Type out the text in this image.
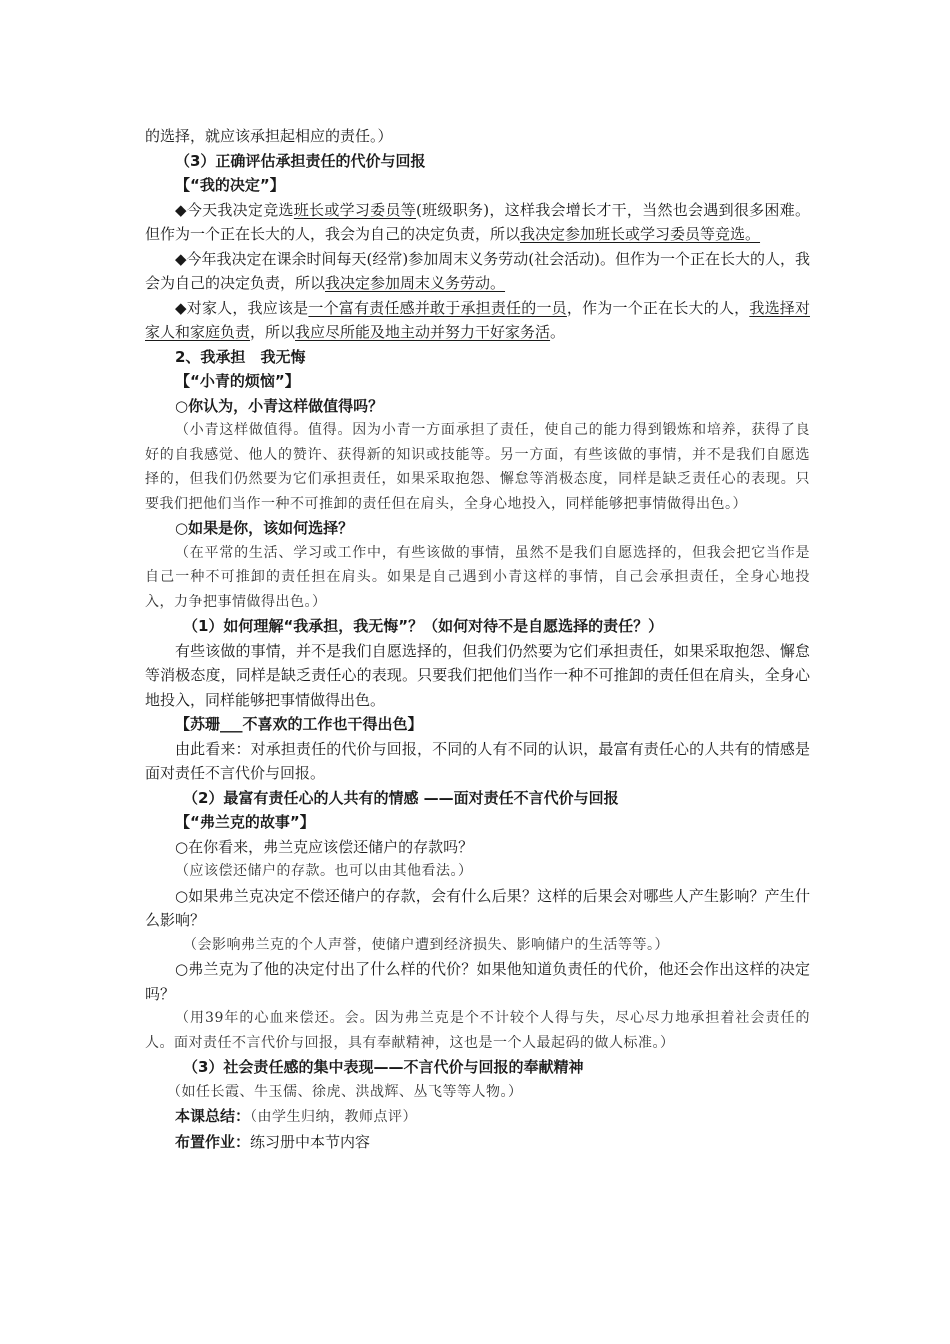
的选择，就应该承担起相应的责任。）

（3）正确评估承担责任的代价与回报

【“我的决定”】

◆今天我决定竞选班长或学习委员等(班级职务)，这样我会增长才干，当然也会遇到很多困难。但作为一个正在长大的人，我会为自己的决定负责，所以我决定参加班长或学习委员等竞选。

◆今年我决定在课余时间每天(经常)参加周末义务劳动(社会活动)。但作为一个正在长大的人，我会为自己的决定负责，所以我决定参加周末义务劳动。

◆对家人，我应该是一个富有责任感并敢于承担责任的一员，作为一个正在长大的人，我选择对家人和家庭负责，所以我应尽所能及地主动并努力干好家务活。

2、我承担　我无悔

【“小青的烦恼”】

○你认为，小青这样做值得吗？

（小青这样做值得。值得。因为小青一方面承担了责任，使自己的能力得到锻炼和培养，获得了良好的自我感觉、他人的赞许、获得新的知识或技能等。另一方面，有些该做的事情，并不是我们自愿选择的，但我们仍然要为它们承担责任，如果采取抱怨、懈怠等消极态度，同样是缺乏责任心的表现。只要我们把他们当作一种不可推卸的责任但在肩头，全身心地投入，同样能够把事情做得出色。）

○如果是你，该如何选择？

（在平常的生活、学习或工作中，有些该做的事情，虽然不是我们自愿选择的，但我会把它当作是自己一种不可推卸的责任担在肩头。如果是自己遇到小青这样的事情，自己会承担责任，全身心地投入，力争把事情做得出色。）

（1）如何理解“我承担，我无悔”？（如何对待不是自愿选择的责任？）

有些该做的事情，并不是我们自愿选择的，但我们仍然要为它们承担责任，如果采取抱怨、懈怠等消极态度，同样是缺乏责任心的表现。只要我们把他们当作一种不可推卸的责任但在肩头，全身心地投入，同样能够把事情做得出色。

【苏珊___不喜欢的工作也干得出色】

由此看来：对承担责任的代价与回报，不同的人有不同的认识，最富有责任心的人共有的情感是面对责任不言代价与回报。

（2）最富有责任心的人共有的情感 ——面对责任不言代价与回报

【“弗兰克的故事”】

○在你看来，弗兰克应该偿还储户的存款吗？

（应该偿还储户的存款。也可以由其他看法。）

○如果弗兰克决定不偿还储户的存款，会有什么后果？这样的后果会对哪些人产生影响？产生什么影响？

（会影响弗兰克的个人声誉，使储户遭到经济损失、影响储户的生活等等。）

○弗兰克为了他的决定付出了什么样的代价？如果他知道负责任的代价，他还会作出这样的决定吗？

（用39年的心血来偿还。会。因为弗兰克是个不计较个人得与失，尽心尽力地承担着社会责任的人。面对责任不言代价与回报，具有奉献精神，这也是一个人最起码的做人标准。）

（3）社会责任感的集中表现——不言代价与回报的奉献精神

（如任长霞、牛玉儒、徐虎、洪战辉、丛飞等等人物。）

本课总结：（由学生归纳，教师点评）

布置作业：练习册中本节内容
